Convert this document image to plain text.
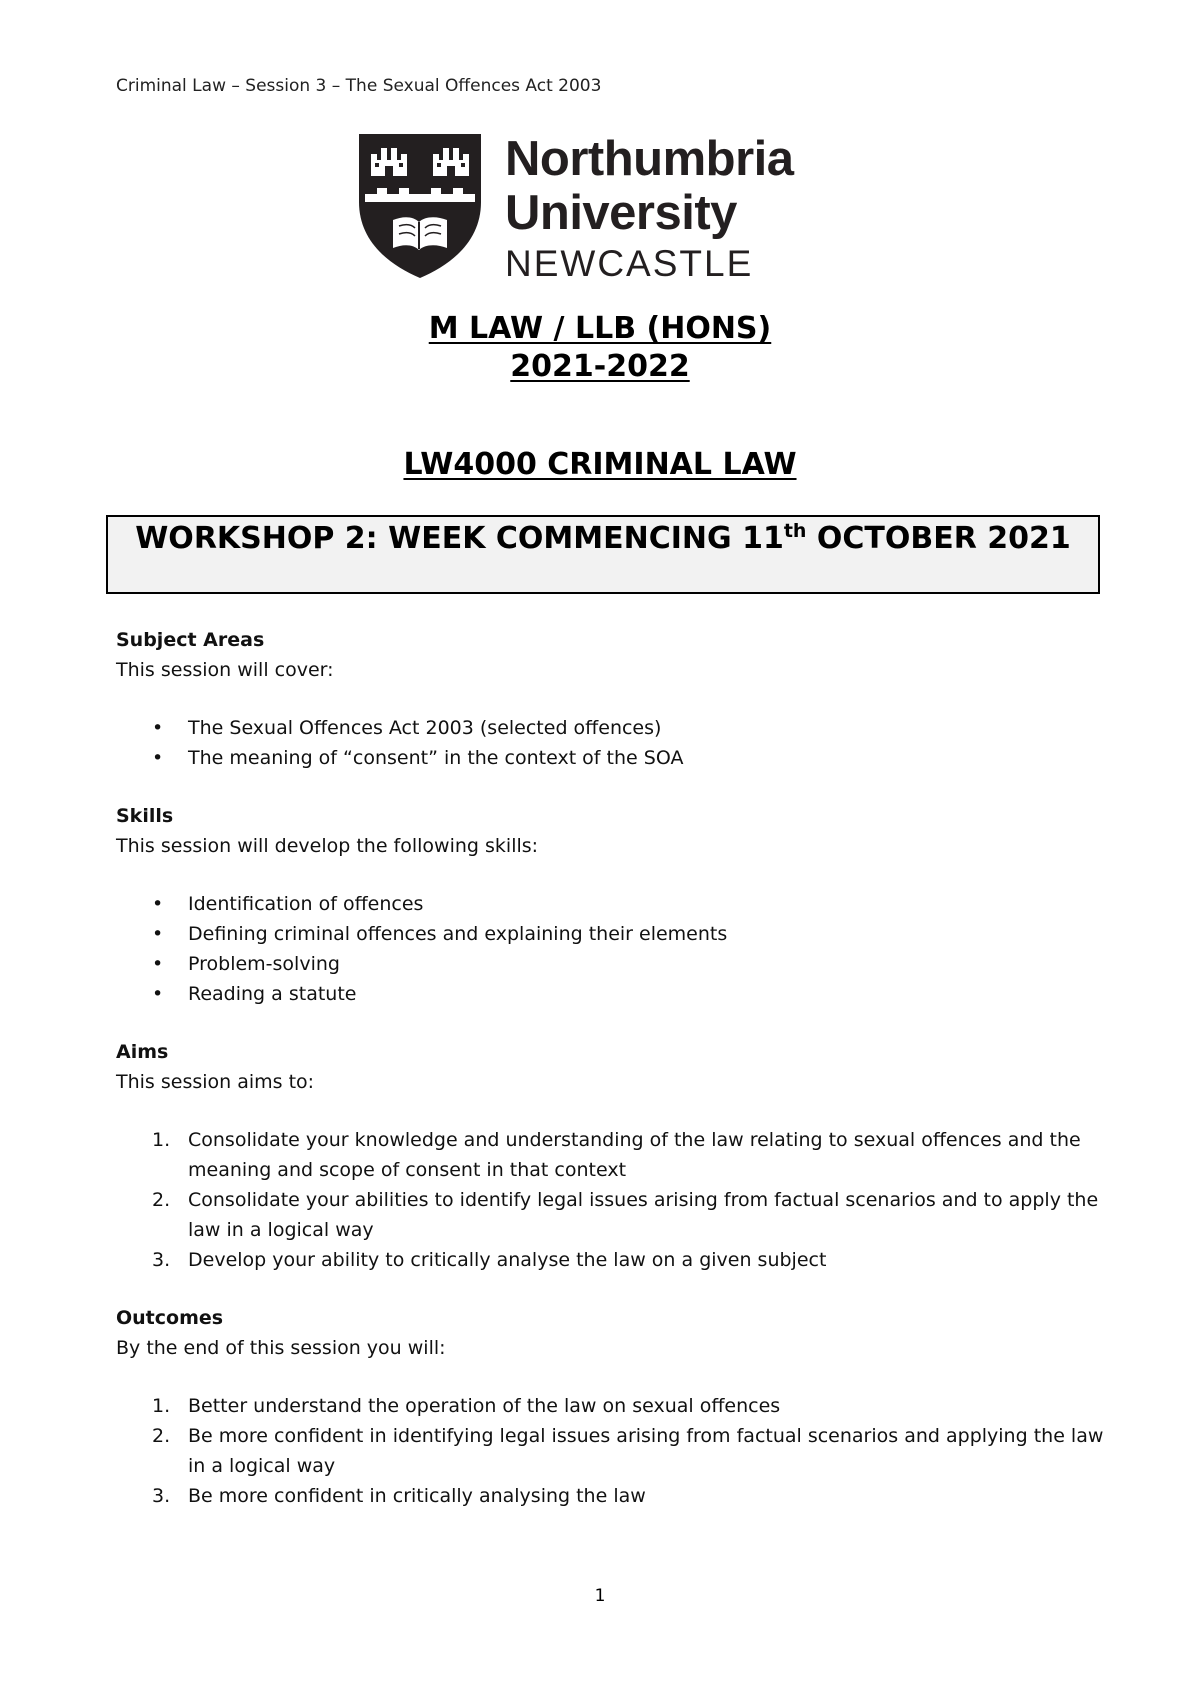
Criminal Law – Session 3 – The Sexual Offences Act 2003
Northumbria
University
NEWCASTLE
M LAW / LLB (HONS)
2021-2022
LW4000 CRIMINAL LAW
WORKSHOP 2: WEEK COMMENCING 11th OCTOBER 2021
Subject Areas
This session will cover:
• The Sexual Offences Act 2003 (selected offences)
• The meaning of “consent” in the context of the SOA
Skills
This session will develop the following skills:
• Identification of offences
• Defining criminal offences and explaining their elements
• Problem-solving
• Reading a statute
Aims
This session aims to:
1. Consolidate your knowledge and understanding of the law relating to sexual offences and the meaning and scope of consent in that context
2. Consolidate your abilities to identify legal issues arising from factual scenarios and to apply the law in a logical way
3. Develop your ability to critically analyse the law on a given subject
Outcomes
By the end of this session you will:
1. Better understand the operation of the law on sexual offences
2. Be more confident in identifying legal issues arising from factual scenarios and applying the law in a logical way
3. Be more confident in critically analysing the law
1
